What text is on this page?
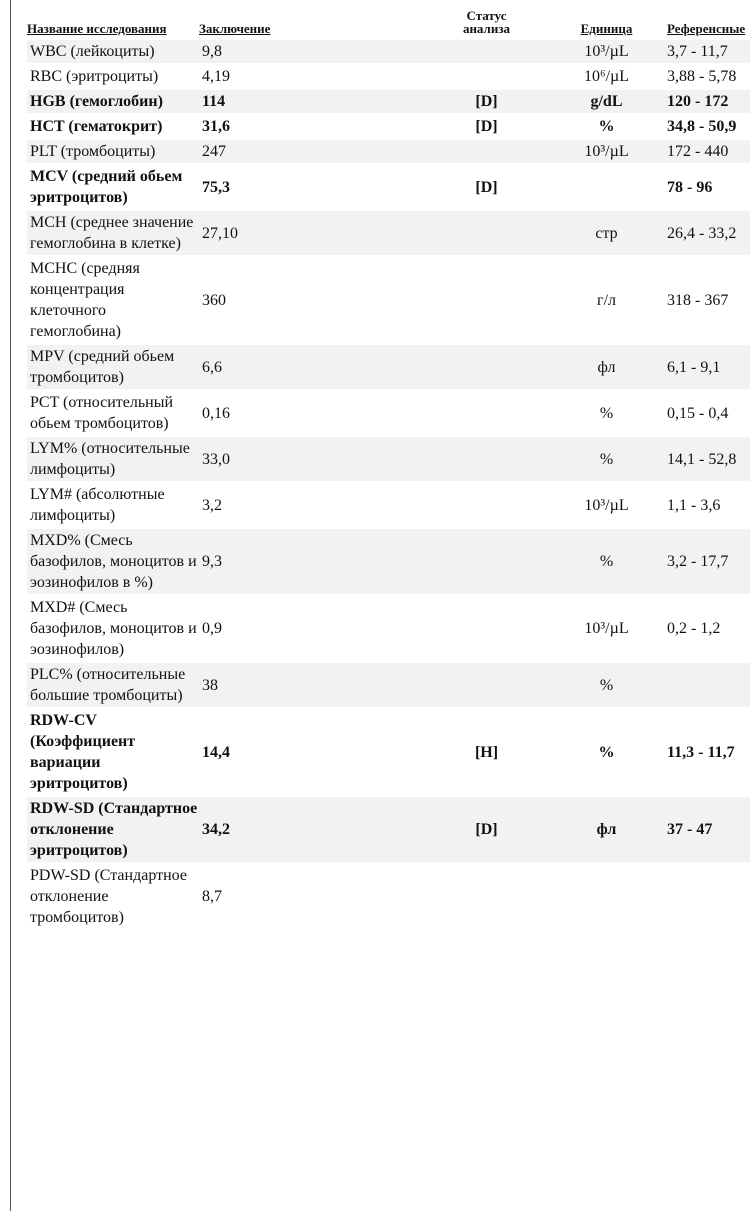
Название исследования	Заключение	Статус анализа	Единица	Референсные
WBC (лейкоциты)	9,8		10³/µL	3,7 - 11,7
RBC (эритроциты)	4,19		10⁶/µL	3,88 - 5,78
HGB (гемоглобин)	114	[D]	g/dL	120 - 172
HCT (гематокрит)	31,6	[D]	%	34,8 - 50,9
PLT (тромбоциты)	247		10³/µL	172 - 440
MCV (средний обьем эритроцитов)	75,3	[D]		78 - 96
MCH (среднее значение гемоглобина в клетке)	27,10		стр	26,4 - 33,2
MCHC (средняя концентрация клеточного гемоглобина)	360		г/л	318 - 367
MPV (средний обьем тромбоцитов)	6,6		фл	6,1 - 9,1
PCT (относительный обьем тромбоцитов)	0,16		%	0,15 - 0,4
LYM% (относительные лимфоциты)	33,0		%	14,1 - 52,8
LYM# (абсолютные лимфоциты)	3,2		10³/µL	1,1 - 3,6
MXD% (Смесь базофилов, моноцитов и эозинофилов в %)	9,3		%	3,2 - 17,7
MXD# (Смесь базофилов, моноцитов и эозинофилов)	0,9		10³/µL	0,2 - 1,2
PLC% (относительные большие тромбоциты)	38		%	
RDW-CV (Коэффициент вариации эритроцитов)	14,4	[H]	%	11,3 - 11,7
RDW-SD (Стандартное отклонение эритроцитов)	34,2	[D]	фл	37 - 47
PDW-SD (Стандартное отклонение тромбоцитов)	8,7			
